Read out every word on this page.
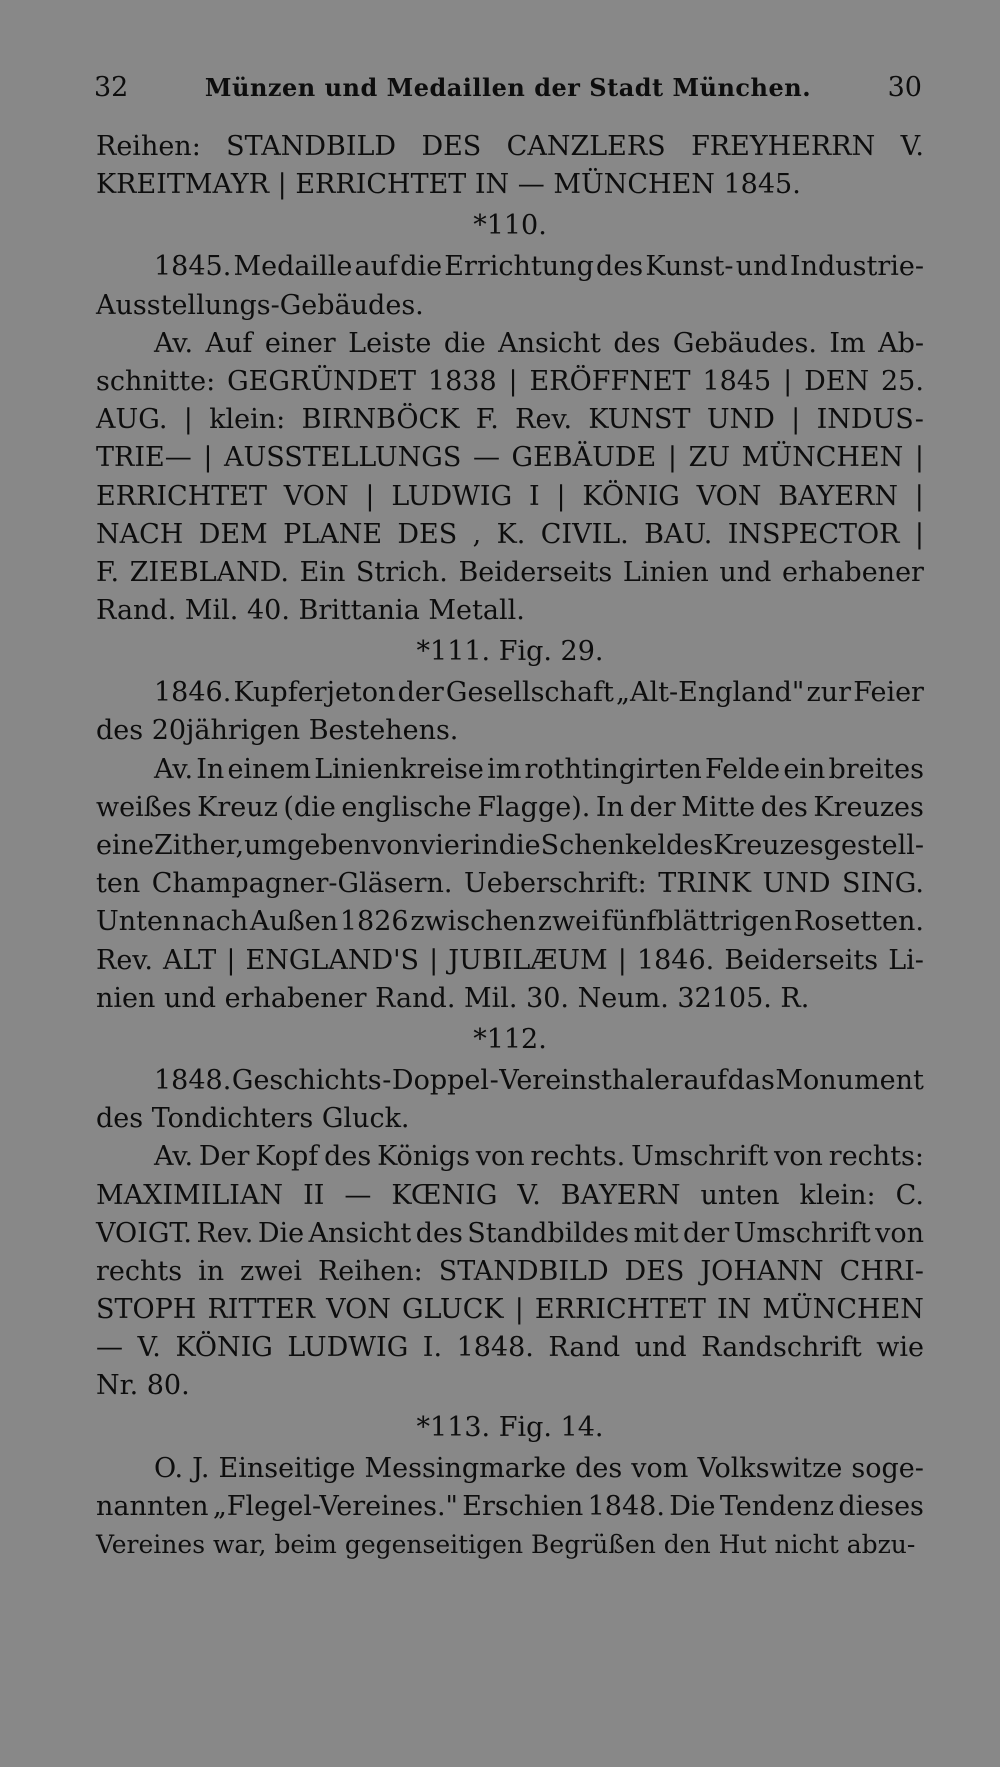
32	Münzen und Medaillen der Stadt München.	30
Reihen: STANDBILD DES CANZLERS FREYHERRN V.
KREITMAYR | ERRICHTET IN — MÜNCHEN 1845.
*110.
1845. Medaille auf die Errichtung des Kunst- und Industrie-
Ausstellungs-Gebäudes.
Av. Auf einer Leiste die Ansicht des Gebäudes. Im Ab-
schnitte: GEGRÜNDET 1838 | ERÖFFNET 1845 | DEN 25.
AUG. | klein: BIRNBÖCK F. Rev. KUNST UND | INDUS-
TRIE— | AUSSTELLUNGS — GEBÄUDE | ZU MÜNCHEN |
ERRICHTET VON | LUDWIG I | KÖNIG VON BAYERN |
NACH DEM PLANE DES , K. CIVIL. BAU. INSPECTOR |
F. ZIEBLAND. Ein Strich. Beiderseits Linien und erhabener
Rand. Mil. 40. Brittania Metall.
*111. Fig. 29.
1846. Kupferjeton der Gesellschaft „Alt-England" zur Feier
des 20jährigen Bestehens.
Av. In einem Linienkreise im rothtingirten Felde ein breites
weißes Kreuz (die englische Flagge). In der Mitte des Kreuzes
eine Zither, umgeben von vier in die Schenkel des Kreuzes gestell-
ten Champagner-Gläsern. Ueberschrift: TRINK UND SING.
Unten nach Außen 1826 zwischen zwei fünfblättrigen Rosetten.
Rev. ALT | ENGLAND'S | JUBILÆUM | 1846. Beiderseits Li-
nien und erhabener Rand. Mil. 30. Neum. 32105. R.
*112.
1848. Geschichts - Doppel - Vereinsthaler auf das Monument
des Tondichters Gluck.
Av. Der Kopf des Königs von rechts. Umschrift von rechts:
MAXIMILIAN II — KŒNIG V. BAYERN unten klein: C.
VOIGT. Rev. Die Ansicht des Standbildes mit der Umschrift von
rechts in zwei Reihen: STANDBILD DES JOHANN CHRI-
STOPH RITTER VON GLUCK | ERRICHTET IN MÜNCHEN
— V. KÖNIG LUDWIG I. 1848. Rand und Randschrift wie
Nr. 80.
*113. Fig. 14.
O. J. Einseitige Messingmarke des vom Volkswitze soge-
nannten „Flegel-Vereines." Erschien 1848. Die Tendenz dieses
Vereines war, beim gegenseitigen Begrüßen den Hut nicht abzu-
